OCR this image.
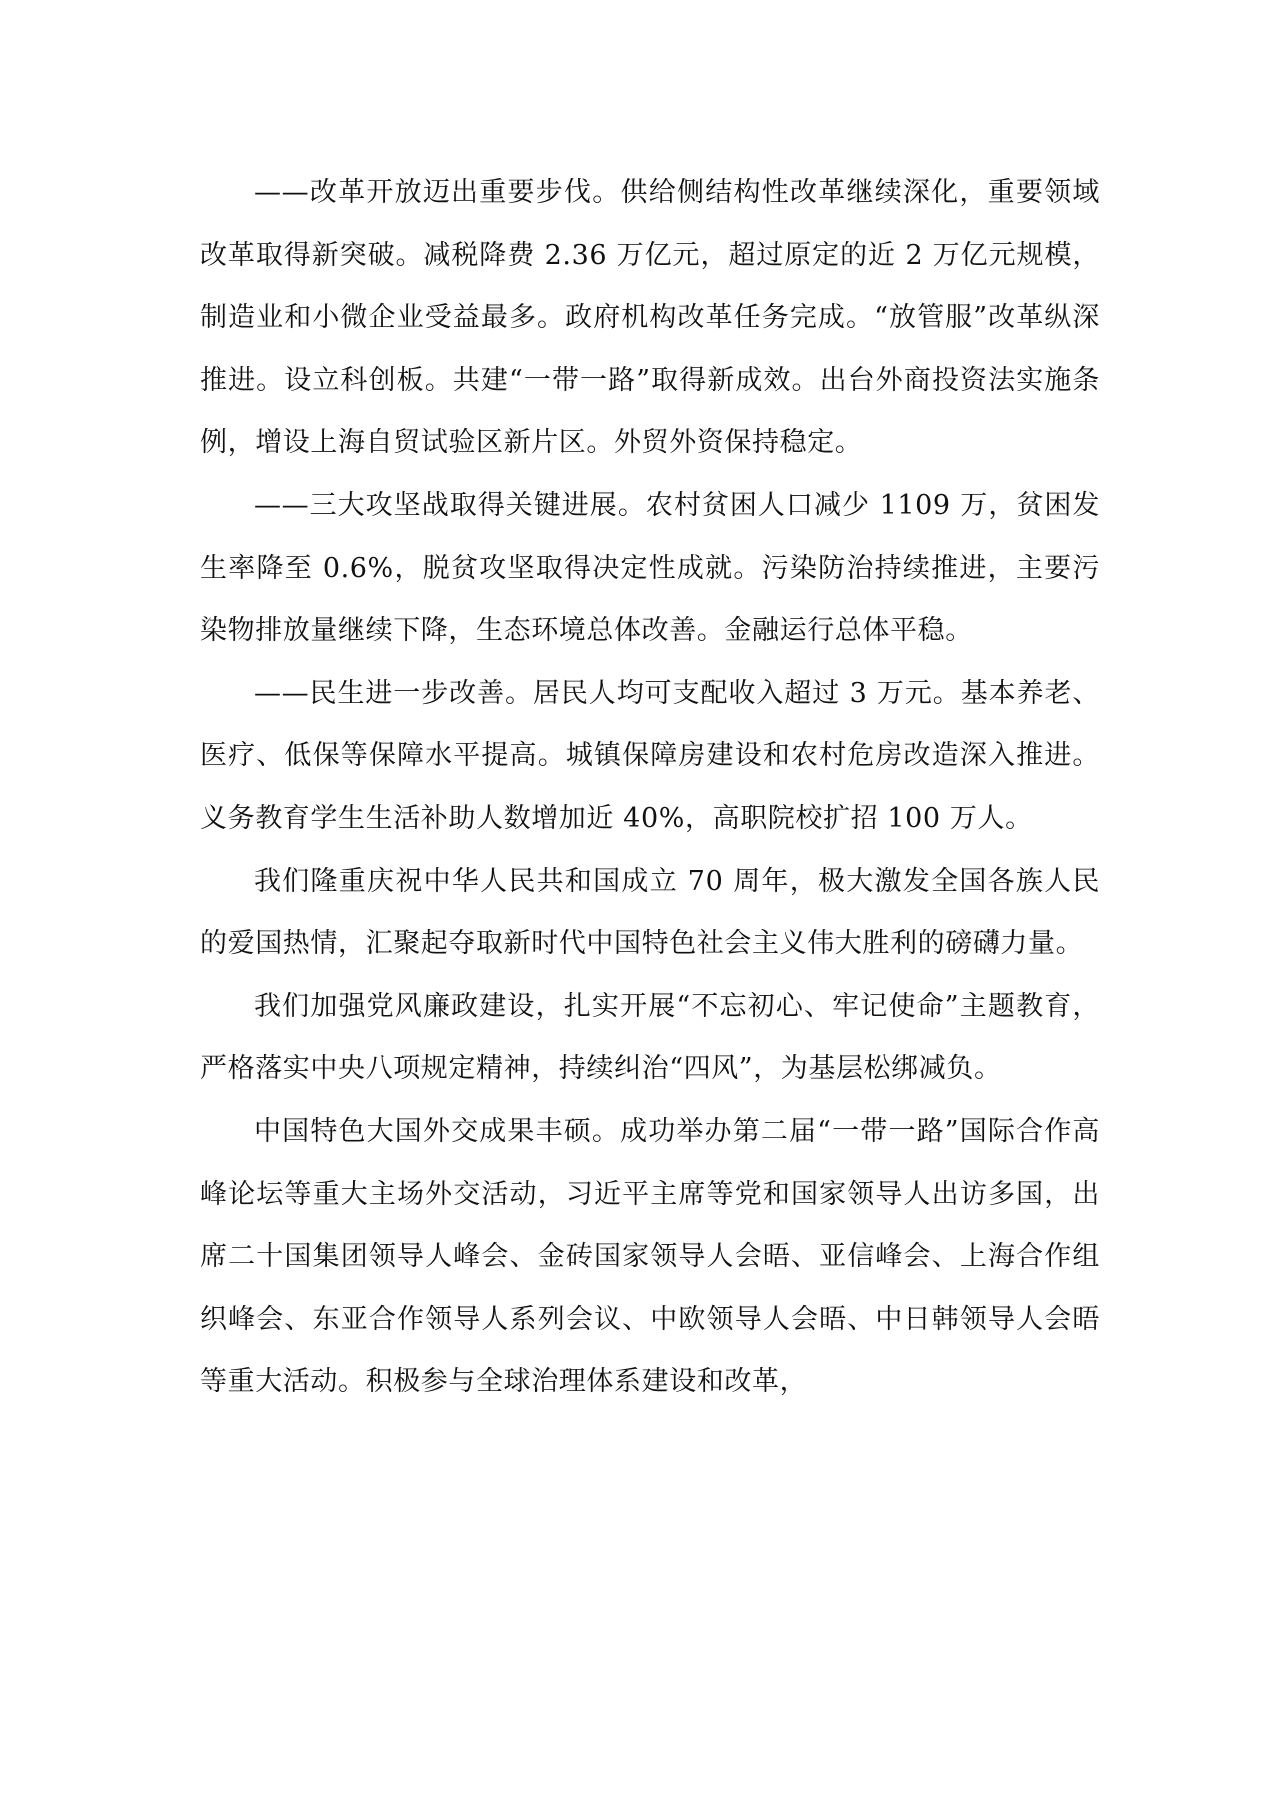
——改革开放迈出重要步伐。供给侧结构性改革继续深化，重要领域改革取得新突破。减税降费 2.36 万亿元，超过原定的近 2 万亿元规模，制造业和小微企业受益最多。政府机构改革任务完成。“放管服”改革纵深推进。设立科创板。共建“一带一路”取得新成效。出台外商投资法实施条例，增设上海自贸试验区新片区。外贸外资保持稳定。

——三大攻坚战取得关键进展。农村贫困人口减少 1109 万，贫困发生率降至 0.6%，脱贫攻坚取得决定性成就。污染防治持续推进，主要污染物排放量继续下降，生态环境总体改善。金融运行总体平稳。

——民生进一步改善。居民人均可支配收入超过 3 万元。基本养老、医疗、低保等保障水平提高。城镇保障房建设和农村危房改造深入推进。义务教育学生生活补助人数增加近 40%，高职院校扩招 100 万人。

我们隆重庆祝中华人民共和国成立 70 周年，极大激发全国各族人民的爱国热情，汇聚起夺取新时代中国特色社会主义伟大胜利的磅礴力量。

我们加强党风廉政建设，扎实开展“不忘初心、牢记使命”主题教育，严格落实中央八项规定精神，持续纠治“四风”，为基层松绑减负。

中国特色大国外交成果丰硕。成功举办第二届“一带一路”国际合作高峰论坛等重大主场外交活动，习近平主席等党和国家领导人出访多国，出席二十国集团领导人峰会、金砖国家领导人会晤、亚信峰会、上海合作组织峰会、东亚合作领导人系列会议、中欧领导人会晤、中日韩领导人会晤等重大活动。积极参与全球治理体系建设和改革，
